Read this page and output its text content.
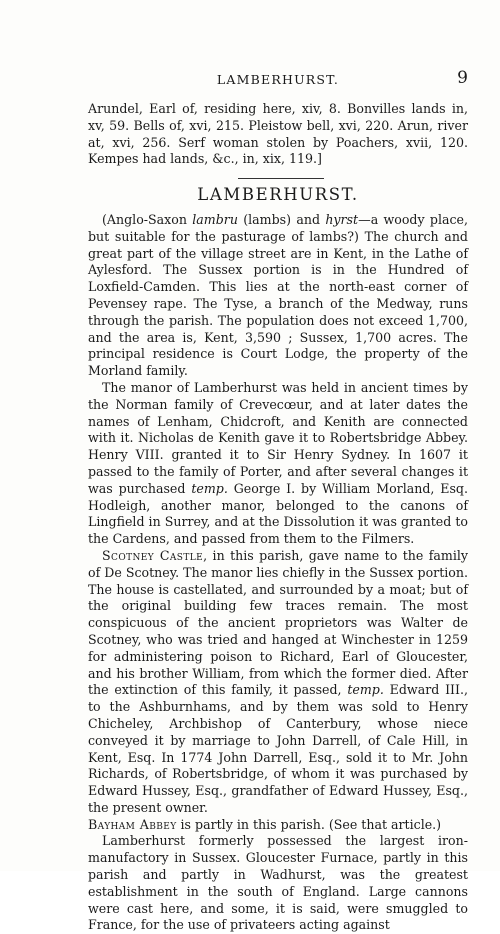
LAMBERHURST.	9

Arundel, Earl of, residing here, xiv, 8. Bonvilles lands in, xv, 59. Bells of, xvi, 215. Pleistow bell, xvi, 220. Arun, river at, xvi, 256. Serf woman stolen by Poachers, xvii, 120. Kempes had lands, &c., in, xix, 119.]

LAMBERHURST.

(Anglo-Saxon lambru (lambs) and hyrst—a woody place, but suitable for the pasturage of lambs?) The church and great part of the village street are in Kent, in the Lathe of Aylesford. The Sussex portion is in the Hundred of Loxfield-Camden. This lies at the north-east corner of Pevensey rape. The Tyse, a branch of the Medway, runs through the parish. The population does not exceed 1,700, and the area is, Kent, 3,590 ; Sussex, 1,700 acres. The principal residence is Court Lodge, the property of the Morland family.

The manor of Lamberhurst was held in ancient times by the Norman family of Crevecœur, and at later dates the names of Lenham, Chidcroft, and Kenith are connected with it. Nicholas de Kenith gave it to Robertsbridge Abbey. Henry VIII. granted it to Sir Henry Sydney. In 1607 it passed to the family of Porter, and after several changes it was purchased temp. George I. by William Morland, Esq. Hodleigh, another manor, belonged to the canons of Lingfield in Surrey, and at the Dissolution it was granted to the Cardens, and passed from them to the Filmers.

Scotney Castle, in this parish, gave name to the family of De Scotney. The manor lies chiefly in the Sussex portion. The house is castellated, and surrounded by a moat; but of the original building few traces remain. The most conspicuous of the ancient proprietors was Walter de Scotney, who was tried and hanged at Winchester in 1259 for administering poison to Richard, Earl of Gloucester, and his brother William, from which the former died. After the extinction of this family, it passed, temp. Edward III., to the Ashburnhams, and by them was sold to Henry Chicheley, Archbishop of Canterbury, whose niece conveyed it by marriage to John Darrell, of Cale Hill, in Kent, Esq. In 1774 John Darrell, Esq., sold it to Mr. John Richards, of Robertsbridge, of whom it was purchased by Edward Hussey, Esq., grandfather of Edward Hussey, Esq., the present owner.
Bayham Abbey is partly in this parish. (See that article.)

Lamberhurst formerly possessed the largest iron-manufactory in Sussex. Gloucester Furnace, partly in this parish and partly in Wadhurst, was the greatest establishment in the south of England. Large cannons were cast here, and some, it is said, were smuggled to France, for the use of privateers acting against
